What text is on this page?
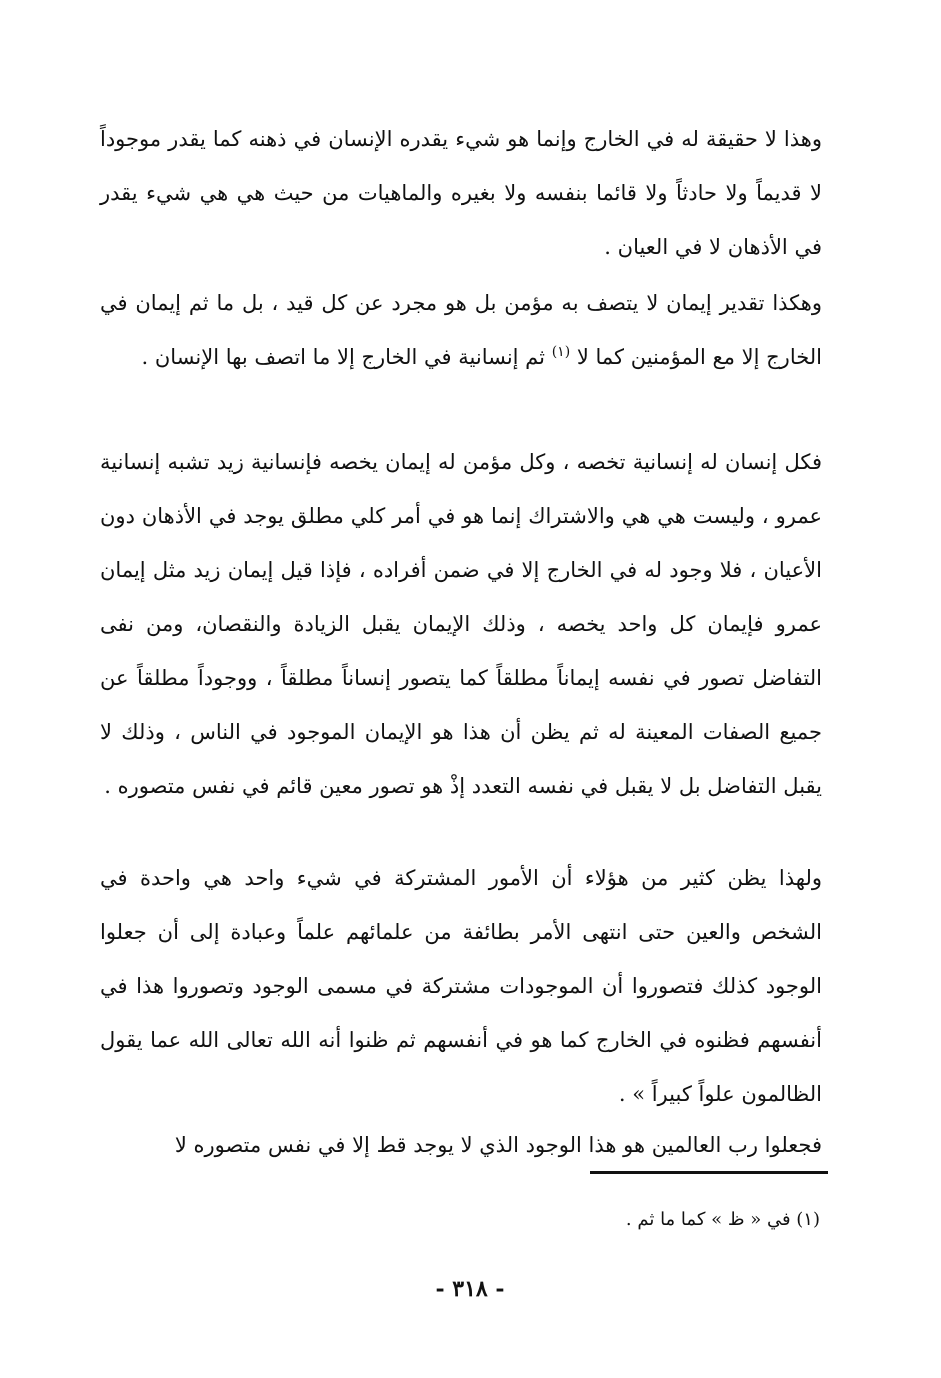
وهذا لا حقيقة له في الخارج وإنما هو شيء يقدره الإنسان في ذهنه كما يقدر موجوداً لا قديماً ولا حادثاً ولا قائما بنفسه ولا بغيره والماهيات من حيث هي هي شيء يقدر في الأذهان لا في العيان .

وهكذا تقدير إيمان لا يتصف به مؤمن بل هو مجرد عن كل قيد ، بل ما ثم إيمان في الخارج إلا مع المؤمنين كما لا $^{(١)}$ ثم إنسانية في الخارج إلا ما اتصف بها الإنسان .

فكل إنسان له إنسانية تخصه ، وكل مؤمن له إيمان يخصه فإنسانية زيد تشبه إنسانية عمرو ، وليست هي هي والاشتراك إنما هو في أمر كلي مطلق يوجد في الأذهان دون الأعيان ، فلا وجود له في الخارج إلا في ضمن أفراده ، فإذا قيل إيمان زيد مثل إيمان عمرو فإيمان كل واحد يخصه ، وذلك الإيمان يقبل الزيادة والنقصان، ومن نفى التفاضل تصور في نفسه إيماناً مطلقاً كما يتصور إنساناً مطلقاً ، ووجوداً مطلقاً عن جميع الصفات المعينة له ثم يظن أن هذا هو الإيمان الموجود في الناس ، وذلك لا يقبل التفاضل بل لا يقبل في نفسه التعدد إذْ هو تصور معين قائم في نفس متصوره .

ولهذا يظن كثير من هؤلاء أن الأمور المشتركة في شيء واحد هي واحدة في الشخص والعين حتى انتهى الأمر بطائفة من علمائهم علماً وعبادة إلى أن جعلوا الوجود كذلك فتصوروا أن الموجودات مشتركة في مسمى الوجود وتصوروا هذا في أنفسهم فظنوه في الخارج كما هو في أنفسهم ثم ظنوا أنه الله تعالى الله عما يقول الظالمون علواً كبيراً » .

فجعلوا رب العالمين هو هذا الوجود الذي لا يوجد قط إلا في نفس متصوره لا

(١) في « ظ » كما ما ثم .
- ٣١٨ -
